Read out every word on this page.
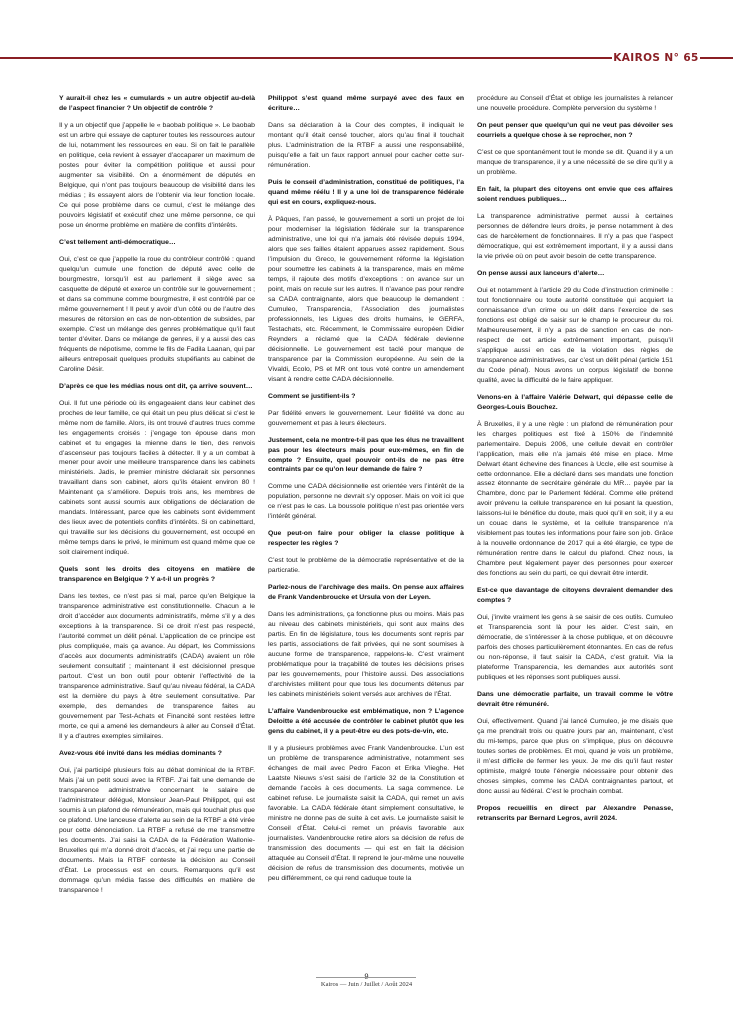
KAIROS N° 65

Y aurait-il chez les « cumulards » un autre objectif au-delà de l’aspect financier ? Un objectif de contrôle ?

Il y a un objectif que j’appelle le « baobab politique ». Le baobab est un arbre qui essaye de capturer toutes les ressources autour de lui, notamment les ressources en eau. Si on fait le parallèle en politique, cela revient à essayer d’accaparer un maximum de postes pour éviter la compétition politique et aussi pour augmenter sa visibilité. On a énormément de députés en Belgique, qui n’ont pas toujours beaucoup de visibilité dans les médias ; ils essayent alors de l’obtenir via leur fonction locale. Ce qui pose problème dans ce cumul, c’est le mélange des pouvoirs législatif et exécutif chez une même personne, ce qui pose un énorme problème en matière de conflits d’intérêts.

C’est tellement anti-démocratique…

Oui, c’est ce que j’appelle la roue du contrôleur contrôlé : quand quelqu’un cumule une fonction de député avec celle de bourgmestre, lorsqu’il est au parlement il siège avec sa casquette de député et exerce un contrôle sur le gouvernement ; et dans sa commune comme bourgmestre, il est contrôlé par ce même gouvernement ! Il peut y avoir d’un côté ou de l’autre des mesures de rétorsion en cas de non-obtention de subsides, par exemple. C’est un mélange des genres problématique qu’il faut tenter d’éviter. Dans ce mélange de genres, il y a aussi des cas fréquents de népotisme, comme le fils de Fadila Laanan, qui par ailleurs entreposait quelques produits stupéfiants au cabinet de Caroline Désir.

D’après ce que les médias nous ont dit, ça arrive souvent…

Oui. Il fut une période où ils engageaient dans leur cabinet des proches de leur famille, ce qui était un peu plus délicat si c’est le même nom de famille. Alors, ils ont trouvé d’autres trucs comme les engagements croisés : j’engage ton épouse dans mon cabinet et tu engages la mienne dans le tien, des renvois d’ascenseur pas toujours faciles à détecter. Il y a un combat à mener pour avoir une meilleure transparence dans les cabinets ministériels. Jadis, le premier ministre déclarait six personnes travaillant dans son cabinet, alors qu’ils étaient environ 80 ! Maintenant ça s’améliore. Depuis trois ans, les membres de cabinets sont aussi soumis aux obligations de déclaration de mandats. Intéressant, parce que les cabinets sont évidemment des lieux avec de potentiels conflits d’intérêts. Si on cabinettard, qui travaille sur les décisions du gouvernement, est occupé en même temps dans le privé, le minimum est quand même que ce soit clairement indiqué.

Quels sont les droits des citoyens en matière de transparence en Belgique ? Y a-t-il un progrès ?

Dans les textes, ce n’est pas si mal, parce qu’en Belgique la transparence administrative est constitutionnelle. Chacun a le droit d’accéder aux documents administratifs, même s’il y a des exceptions à la transparence. Si ce droit n’est pas respecté, l’autorité commet un délit pénal. L’application de ce principe est plus compliquée, mais ça avance. Au départ, les Commissions d’accès aux documents administratifs (CADA) avaient un rôle seulement consultatif ; maintenant il est décisionnel presque partout. C’est un bon outil pour obtenir l’effectivité de la transparence administrative. Sauf qu’au niveau fédéral, la CADA est la dernière du pays à être seulement consultative. Par exemple, des demandes de transparence faites au gouvernement par Test-Achats et Financité sont restées lettre morte, ce qui a amené les demandeurs à aller au Conseil d’État. Il y a d’autres exemples similaires.

Avez-vous été invité dans les médias dominants ?

Oui, j’ai participé plusieurs fois au débat dominical de la RTBF. Mais j’ai un petit souci avec la RTBF. J’ai fait une demande de transparence administrative concernant le salaire de l’administrateur délégué, Monsieur Jean-Paul Philippot, qui est soumis à un plafond de rémunération, mais qui touchait plus que ce plafond. Une lanceuse d’alerte au sein de la RTBF a été virée pour cette dénonciation. La RTBF a refusé de me transmettre les documents. J’ai saisi la CADA de la Fédération Wallonie-Bruxelles qui m’a donné droit d’accès, et j’ai reçu une partie de documents. Mais la RTBF conteste la décision au Conseil d’État. Le processus est en cours. Remarquons qu’il est dommage qu’un média fasse des difficultés en matière de transparence !

Philippot s’est quand même surpayé avec des faux en écriture…

Dans sa déclaration à la Cour des comptes, il indiquait le montant qu’il était censé toucher, alors qu’au final il touchait plus. L’administration de la RTBF a aussi une responsabilité, puisqu’elle a fait un faux rapport annuel pour cacher cette sur-rémunération.

Puis le conseil d’administration, constitué de politiques, l’a quand même réélu ! Il y a une loi de transparence fédérale qui est en cours, expliquez-nous.

À Pâques, l’an passé, le gouvernement a sorti un projet de loi pour moderniser la législation fédérale sur la transparence administrative, une loi qui n’a jamais été révisée depuis 1994, alors que ses failles étaient apparues assez rapidement. Sous l’impulsion du Greco, le gouvernement réforme la législation pour soumettre les cabinets à la transparence, mais en même temps, il rajoute des motifs d’exceptions : on avance sur un point, mais on recule sur les autres. Il n’avance pas pour rendre sa CADA contraignante, alors que beaucoup le demandent : Cumuleo, Transparencia, l’Association des journalistes professionnels, les Ligues des droits humains, le GERFA, Testachats, etc. Récemment, le Commissaire européen Didier Reynders a réclamé que la CADA fédérale devienne décisionnelle. Le gouvernement est taclé pour manque de transparence par la Commission européenne. Au sein de la Vivaldi, Ecolo, PS et MR ont tous voté contre un amendement visant à rendre cette CADA décisionnelle.

Comment se justifient-ils ?

Par fidélité envers le gouvernement. Leur fidélité va donc au gouvernement et pas à leurs électeurs.

Justement, cela ne montre-t-il pas que les élus ne travaillent pas pour les électeurs mais pour eux-mêmes, en fin de compte ? Ensuite, quel pouvoir ont-ils de ne pas être contraints par ce qu’on leur demande de faire ?

Comme une CADA décisionnelle est orientée vers l’intérêt de la population, personne ne devrait s’y opposer. Mais on voit ici que ce n’est pas le cas. La boussole politique n’est pas orientée vers l’intérêt général.

Que peut-on faire pour obliger la classe politique à respecter les règles ?

C’est tout le problème de la démocratie représentative et de la particratie.

Parlez-nous de l’archivage des mails. On pense aux affaires de Frank Vandenbroucke et Ursula von der Leyen.

Dans les administrations, ça fonctionne plus ou moins. Mais pas au niveau des cabinets ministériels, qui sont aux mains des partis. En fin de législature, tous les documents sont repris par les partis, associations de fait privées, qui ne sont soumises à aucune forme de transparence, rappelons-le. C’est vraiment problématique pour la traçabilité de toutes les décisions prises par les gouvernements, pour l’histoire aussi. Des associations d’archivistes militent pour que tous les documents détenus par les cabinets ministériels soient versés aux archives de l’État.

L’affaire Vandenbroucke est emblématique, non ? L’agence Deloitte a été accusée de contrôler le cabinet plutôt que les gens du cabinet, il y a peut-être eu des pots-de-vin, etc.

Il y a plusieurs problèmes avec Frank Vandenbroucke. L’un est un problème de transparence administrative, notamment ses échanges de mail avec Pedro Facon et Erika Vlieghe. Het Laatste Nieuws s’est saisi de l’article 32 de la Constitution et demande l’accès à ces documents. La saga commence. Le cabinet refuse. Le journaliste saisit la CADA, qui remet un avis favorable. La CADA fédérale étant simplement consultative, le ministre ne donne pas de suite à cet avis. Le journaliste saisit le Conseil d’État. Celui-ci remet un préavis favorable aux journalistes. Vandenbroucke retire alors sa décision de refus de transmission des documents — qui est en fait la décision attaquée au Conseil d’État. Il reprend le jour-même une nouvelle décision de refus de transmission des documents, motivée un peu différemment, ce qui rend caduque toute la

procédure au Conseil d’État et oblige les journalistes à relancer une nouvelle procédure. Complète perversion du système !

On peut penser que quelqu’un qui ne veut pas dévoiler ses courriels a quelque chose à se reprocher, non ?

C’est ce que spontanément tout le monde se dit. Quand il y a un manque de transparence, il y a une nécessité de se dire qu’il y a un problème.

En fait, la plupart des citoyens ont envie que ces affaires soient rendues publiques…

La transparence administrative permet aussi à certaines personnes de défendre leurs droits, je pense notamment à des cas de harcèlement de fonctionnaires. Il n’y a pas que l’aspect démocratique, qui est extrêmement important, il y a aussi dans la vie privée où on peut avoir besoin de cette transparence.

On pense aussi aux lanceurs d’alerte…

Oui et notamment à l’article 29 du Code d’instruction criminelle : tout fonctionnaire ou toute autorité constituée qui acquiert la connaissance d’un crime ou un délit dans l’exercice de ses fonctions est obligé de saisir sur le champ le procureur du roi. Malheureusement, il n’y a pas de sanction en cas de non-respect de cet article extrêmement important, puisqu’il s’applique aussi en cas de la violation des règles de transparence administratives, car c’est un délit pénal (article 151 du Code pénal). Nous avons un corpus législatif de bonne qualité, avec la difficulté de le faire appliquer.

Venons-en à l’affaire Valérie Delwart, qui dépasse celle de Georges-Louis Bouchez.

À Bruxelles, il y a une règle : un plafond de rémunération pour les charges politiques est fixé à 150% de l’indemnité parlementaire. Depuis 2006, une cellule devait en contrôler l’application, mais elle n’a jamais été mise en place. Mme Delwart étant échevine des finances à Uccle, elle est soumise à cette ordonnance. Elle a déclaré dans ses mandats une fonction assez étonnante de secrétaire générale du MR… payée par la Chambre, donc par le Parlement fédéral. Comme elle prétend avoir prévenu la cellule transparence en lui posant la question, laissons-lui le bénéfice du doute, mais quoi qu’il en soit, il y a eu un couac dans le système, et la cellule transparence n’a visiblement pas toutes les informations pour faire son job. Grâce à la nouvelle ordonnance de 2017 qui a été élargie, ce type de rémunération rentre dans le calcul du plafond. Chez nous, la Chambre peut légalement payer des personnes pour exercer des fonctions au sein du parti, ce qui devrait être interdit.

Est-ce que davantage de citoyens devraient demander des comptes ?

Oui, j’invite vraiment les gens à se saisir de ces outils. Cumuleo et Transparencia sont là pour les aider. C’est sain, en démocratie, de s’intéresser à la chose publique, et on découvre parfois des choses particulièrement étonnantes. En cas de refus ou non-réponse, il faut saisir la CADA, c’est gratuit. Via la plateforme Transparencia, les demandes aux autorités sont publiques et les réponses sont publiques aussi.

Dans une démocratie parfaite, un travail comme le vôtre devrait être rémunéré.

Oui, effectivement. Quand j’ai lancé Cumuleo, je me disais que ça me prendrait trois ou quatre jours par an, maintenant, c’est du mi-temps, parce que plus on s’implique, plus on découvre toutes sortes de problèmes. Et moi, quand je vois un problème, il m’est difficile de fermer les yeux. Je me dis qu’il faut rester optimiste, malgré toute l’énergie nécessaire pour obtenir des choses simples, comme les CADA contraignantes partout, et donc aussi au fédéral. C’est le prochain combat.

Propos recueillis en direct par Alexandre Penasse, retranscrits par Bernard Legros, avril 2024.

Kairos — Juin / Juillet / Août 2024
